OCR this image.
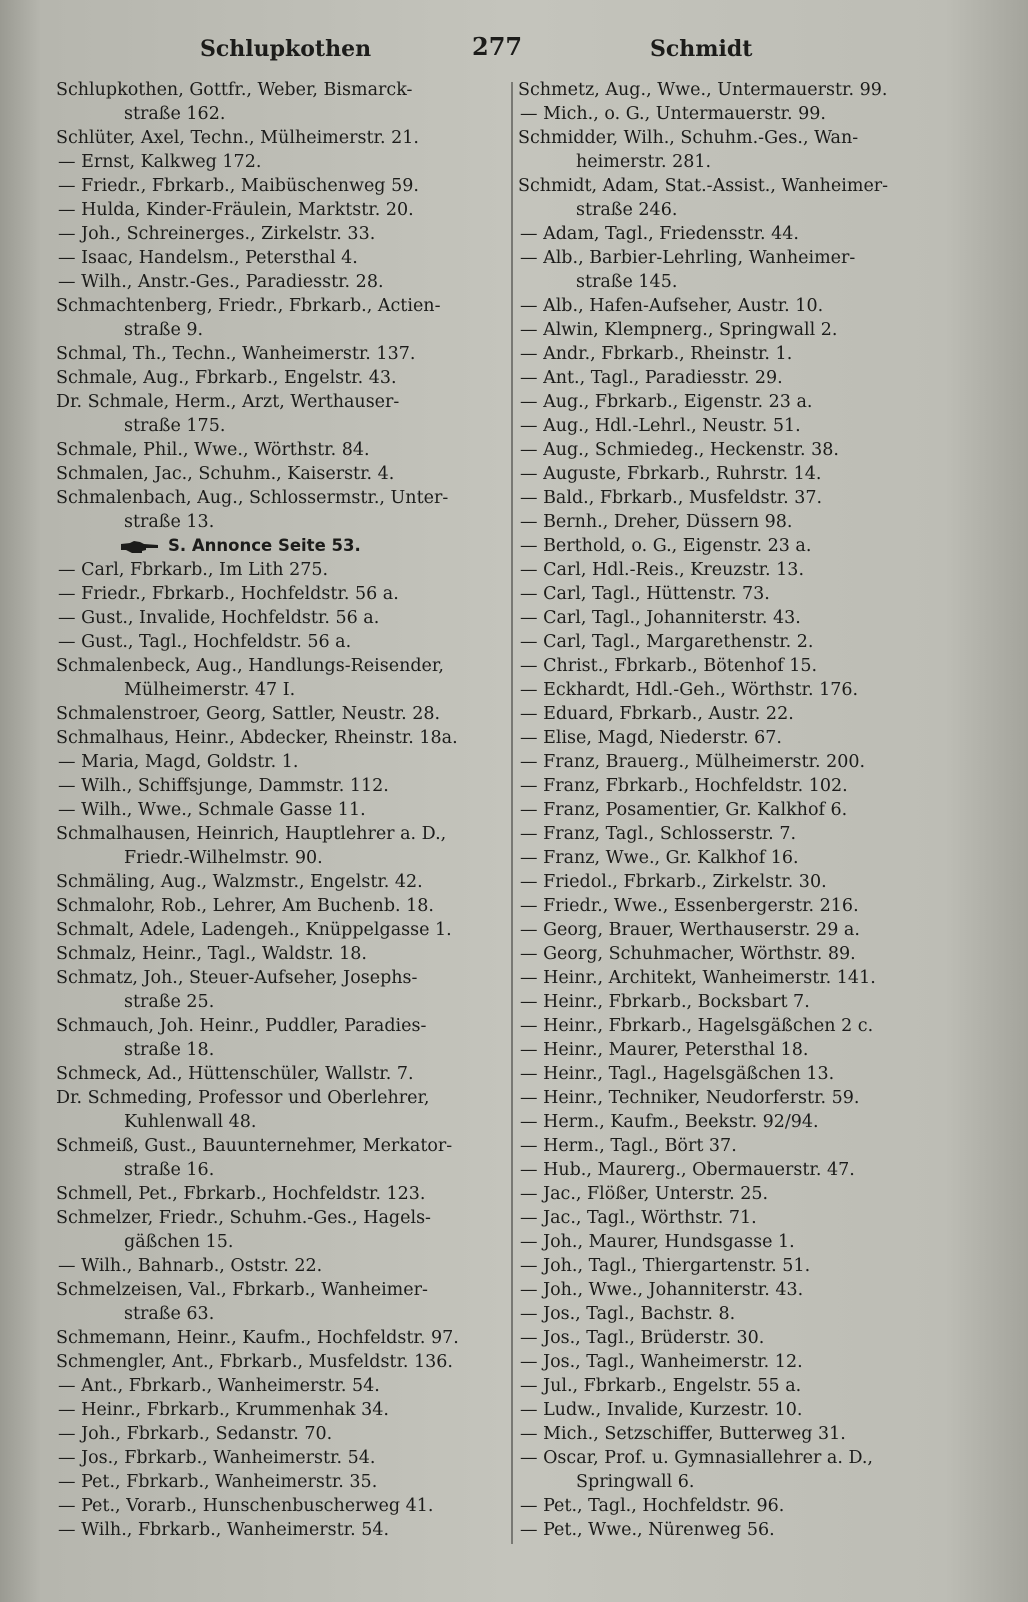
Schlupkothen	277	Schmidt
Schlupkothen, Gottfr., Weber, Bismarck-
straße 162.
Schlüter, Axel, Techn., Mülheimerstr. 21.
— Ernst, Kalkweg 172.
— Friedr., Fbrkarb., Maibüschenweg 59.
— Hulda, Kinder-Fräulein, Marktstr. 20.
— Joh., Schreinerges., Zirkelstr. 33.
— Isaac, Handelsm., Petersthal 4.
— Wilh., Anstr.-Ges., Paradiesstr. 28.
Schmachtenberg, Friedr., Fbrkarb., Actien-
straße 9.
Schmal, Th., Techn., Wanheimerstr. 137.
Schmale, Aug., Fbrkarb., Engelstr. 43.
Dr. Schmale, Herm., Arzt, Werthauser-
straße 175.
Schmale, Phil., Wwe., Wörthstr. 84.
Schmalen, Jac., Schuhm., Kaiserstr. 4.
Schmalenbach, Aug., Schlossermstr., Unter-
straße 13.
S. Annonce Seite 53.
— Carl, Fbrkarb., Im Lith 275.
— Friedr., Fbrkarb., Hochfeldstr. 56 a.
— Gust., Invalide, Hochfeldstr. 56 a.
— Gust., Tagl., Hochfeldstr. 56 a.
Schmalenbeck, Aug., Handlungs-Reisender,
Mülheimerstr. 47 I.
Schmalenstroer, Georg, Sattler, Neustr. 28.
Schmalhaus, Heinr., Abdecker, Rheinstr. 18a.
— Maria, Magd, Goldstr. 1.
— Wilh., Schiffsjunge, Dammstr. 112.
— Wilh., Wwe., Schmale Gasse 11.
Schmalhausen, Heinrich, Hauptlehrer a. D.,
Friedr.-Wilhelmstr. 90.
Schmäling, Aug., Walzmstr., Engelstr. 42.
Schmalohr, Rob., Lehrer, Am Buchenb. 18.
Schmalt, Adele, Ladengeh., Knüppelgasse 1.
Schmalz, Heinr., Tagl., Waldstr. 18.
Schmatz, Joh., Steuer-Aufseher, Josephs-
straße 25.
Schmauch, Joh. Heinr., Puddler, Paradies-
straße 18.
Schmeck, Ad., Hüttenschüler, Wallstr. 7.
Dr. Schmeding, Professor und Oberlehrer,
Kuhlenwall 48.
Schmeiß, Gust., Bauunternehmer, Merkator-
straße 16.
Schmell, Pet., Fbrkarb., Hochfeldstr. 123.
Schmelzer, Friedr., Schuhm.-Ges., Hagels-
gäßchen 15.
— Wilh., Bahnarb., Oststr. 22.
Schmelzeisen, Val., Fbrkarb., Wanheimer-
straße 63.
Schmemann, Heinr., Kaufm., Hochfeldstr. 97.
Schmengler, Ant., Fbrkarb., Musfeldstr. 136.
— Ant., Fbrkarb., Wanheimerstr. 54.
— Heinr., Fbrkarb., Krummenhak 34.
— Joh., Fbrkarb., Sedanstr. 70.
— Jos., Fbrkarb., Wanheimerstr. 54.
— Pet., Fbrkarb., Wanheimerstr. 35.
— Pet., Vorarb., Hunschenbuscherweg 41.
— Wilh., Fbrkarb., Wanheimerstr. 54.
Schmetz, Aug., Wwe., Untermauerstr. 99.
— Mich., o. G., Untermauerstr. 99.
Schmidder, Wilh., Schuhm.-Ges., Wan-
heimerstr. 281.
Schmidt, Adam, Stat.-Assist., Wanheimer-
straße 246.
— Adam, Tagl., Friedensstr. 44.
— Alb., Barbier-Lehrling, Wanheimer-
straße 145.
— Alb., Hafen-Aufseher, Austr. 10.
— Alwin, Klempnerg., Springwall 2.
— Andr., Fbrkarb., Rheinstr. 1.
— Ant., Tagl., Paradiesstr. 29.
— Aug., Fbrkarb., Eigenstr. 23 a.
— Aug., Hdl.-Lehrl., Neustr. 51.
— Aug., Schmiedeg., Heckenstr. 38.
— Auguste, Fbrkarb., Ruhrstr. 14.
— Bald., Fbrkarb., Musfeldstr. 37.
— Bernh., Dreher, Düssern 98.
— Berthold, o. G., Eigenstr. 23 a.
— Carl, Hdl.-Reis., Kreuzstr. 13.
— Carl, Tagl., Hüttenstr. 73.
— Carl, Tagl., Johanniterstr. 43.
— Carl, Tagl., Margarethenstr. 2.
— Christ., Fbrkarb., Bötenhof 15.
— Eckhardt, Hdl.-Geh., Wörthstr. 176.
— Eduard, Fbrkarb., Austr. 22.
— Elise, Magd, Niederstr. 67.
— Franz, Brauerg., Mülheimerstr. 200.
— Franz, Fbrkarb., Hochfeldstr. 102.
— Franz, Posamentier, Gr. Kalkhof 6.
— Franz, Tagl., Schlosserstr. 7.
— Franz, Wwe., Gr. Kalkhof 16.
— Friedol., Fbrkarb., Zirkelstr. 30.
— Friedr., Wwe., Essenbergerstr. 216.
— Georg, Brauer, Werthauserstr. 29 a.
— Georg, Schuhmacher, Wörthstr. 89.
— Heinr., Architekt, Wanheimerstr. 141.
— Heinr., Fbrkarb., Bocksbart 7.
— Heinr., Fbrkarb., Hagelsgäßchen 2 c.
— Heinr., Maurer, Petersthal 18.
— Heinr., Tagl., Hagelsgäßchen 13.
— Heinr., Techniker, Neudorferstr. 59.
— Herm., Kaufm., Beekstr. 92/94.
— Herm., Tagl., Bört 37.
— Hub., Maurerg., Obermauerstr. 47.
— Jac., Flößer, Unterstr. 25.
— Jac., Tagl., Wörthstr. 71.
— Joh., Maurer, Hundsgasse 1.
— Joh., Tagl., Thiergartenstr. 51.
— Joh., Wwe., Johanniterstr. 43.
— Jos., Tagl., Bachstr. 8.
— Jos., Tagl., Brüderstr. 30.
— Jos., Tagl., Wanheimerstr. 12.
— Jul., Fbrkarb., Engelstr. 55 a.
— Ludw., Invalide, Kurzestr. 10.
— Mich., Setzschiffer, Butterweg 31.
— Oscar, Prof. u. Gymnasiallehrer a. D.,
Springwall 6.
— Pet., Tagl., Hochfeldstr. 96.
— Pet., Wwe., Nürenweg 56.
